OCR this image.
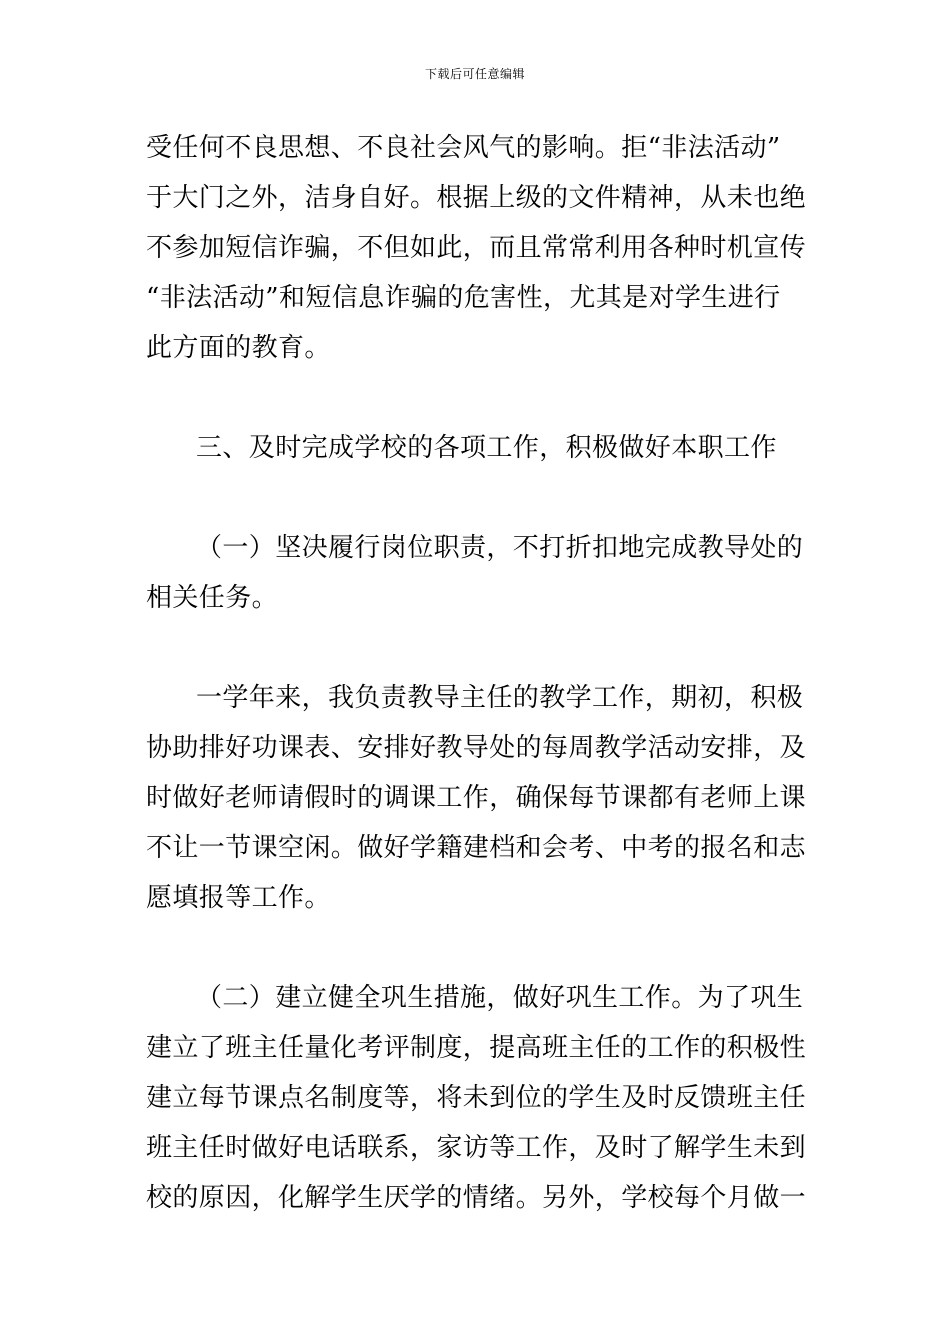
下载后可任意编辑
受任何不良思想、不良社会风气的影响。拒“非法活动”
于大门之外，洁身自好。根据上级的文件精神，从未也绝
不参加短信诈骗，不但如此，而且常常利用各种时机宣传
“非法活动”和短信息诈骗的危害性，尤其是对学生进行
此方面的教育。
三、及时完成学校的各项工作，积极做好本职工作
（一）坚决履行岗位职责，不打折扣地完成教导处的
相关任务。
一学年来，我负责教导主任的教学工作，期初，积极
协助排好功课表、安排好教导处的每周教学活动安排，及
时做好老师请假时的调课工作，确保每节课都有老师上课
不让一节课空闲。做好学籍建档和会考、中考的报名和志
愿填报等工作。
（二）建立健全巩生措施，做好巩生工作。为了巩生
建立了班主任量化考评制度，提高班主任的工作的积极性
建立每节课点名制度等，将未到位的学生及时反馈班主任
班主任时做好电话联系，家访等工作，及时了解学生未到
校的原因，化解学生厌学的情绪。另外，学校每个月做一
